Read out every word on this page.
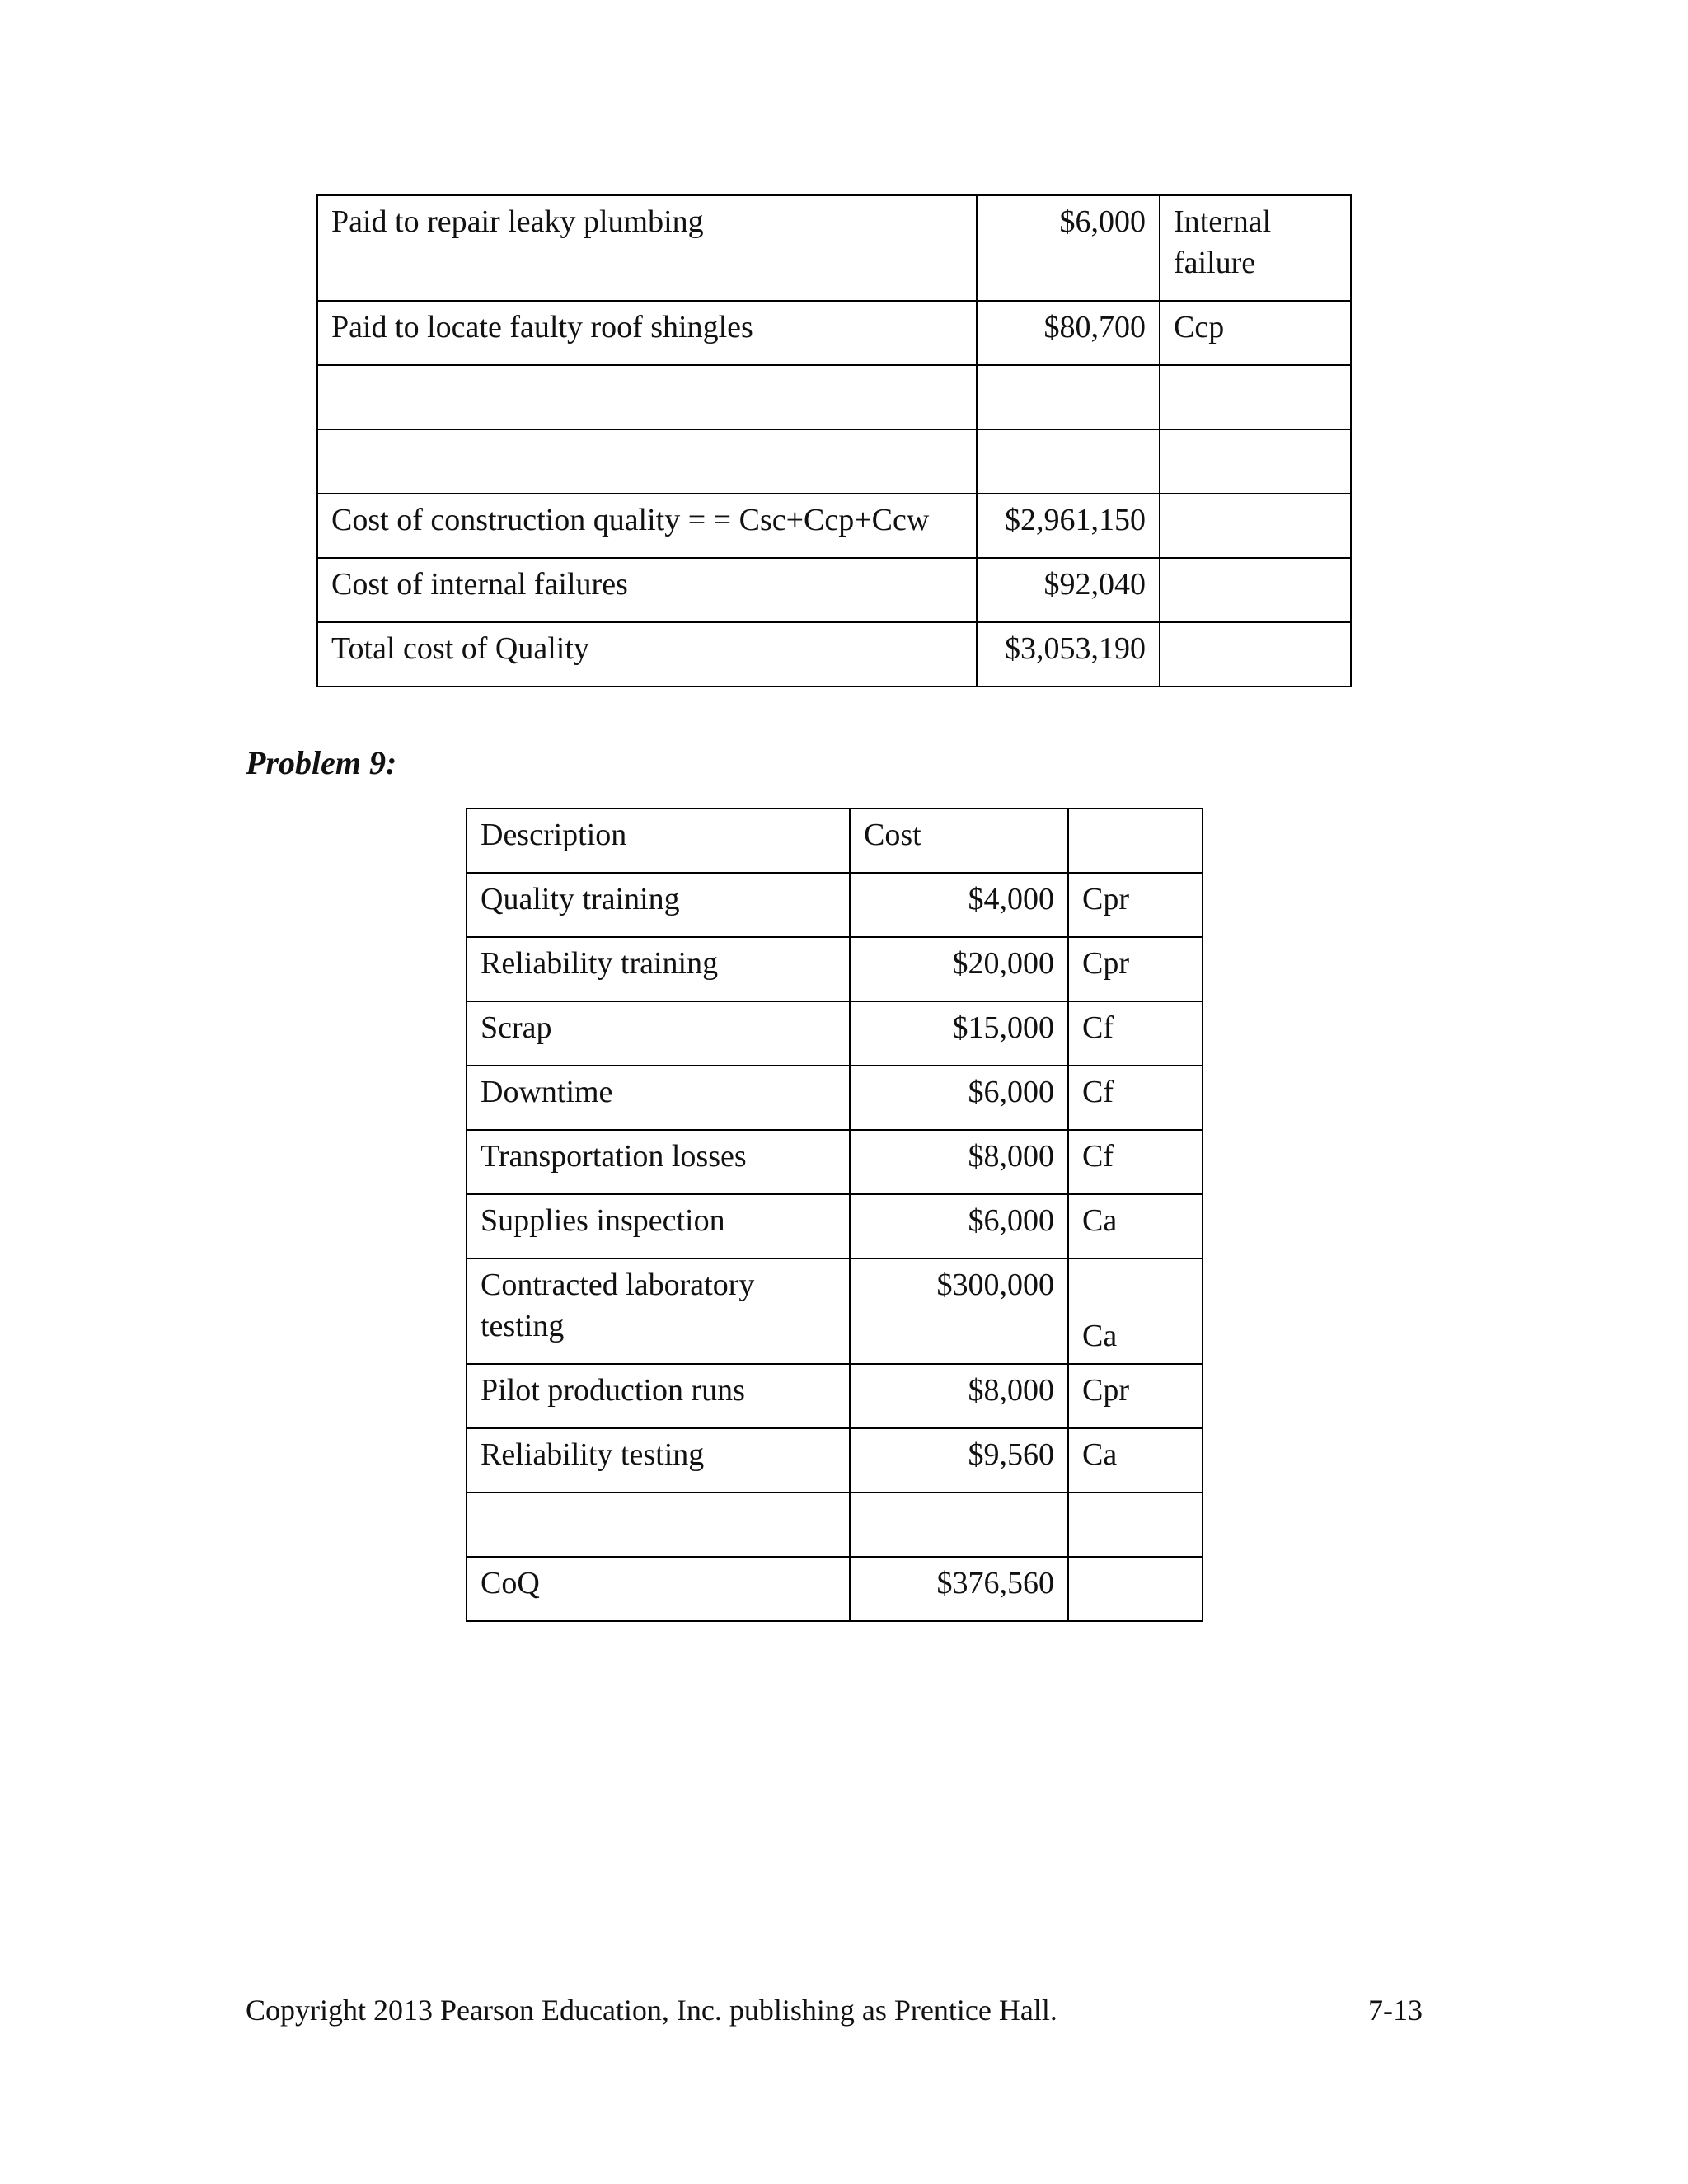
Paid to repair leaky plumbing	$6,000	Internal failure
Paid to locate faulty roof shingles	$80,700	Ccp

Cost of construction quality = = Csc+Ccp+Ccw	$2,961,150	
Cost of internal failures	$92,040	
Total cost of Quality	$3,053,190	

Problem 9:

Description	Cost	
Quality training	$4,000	Cpr
Reliability training	$20,000	Cpr
Scrap	$15,000	Cf
Downtime	$6,000	Cf
Transportation losses	$8,000	Cf
Supplies inspection	$6,000	Ca
Contracted laboratory testing	$300,000	Ca
Pilot production runs	$8,000	Cpr
Reliability testing	$9,560	Ca

CoQ	$376,560	

Copyright 2013 Pearson Education, Inc. publishing as Prentice Hall.	7-13
